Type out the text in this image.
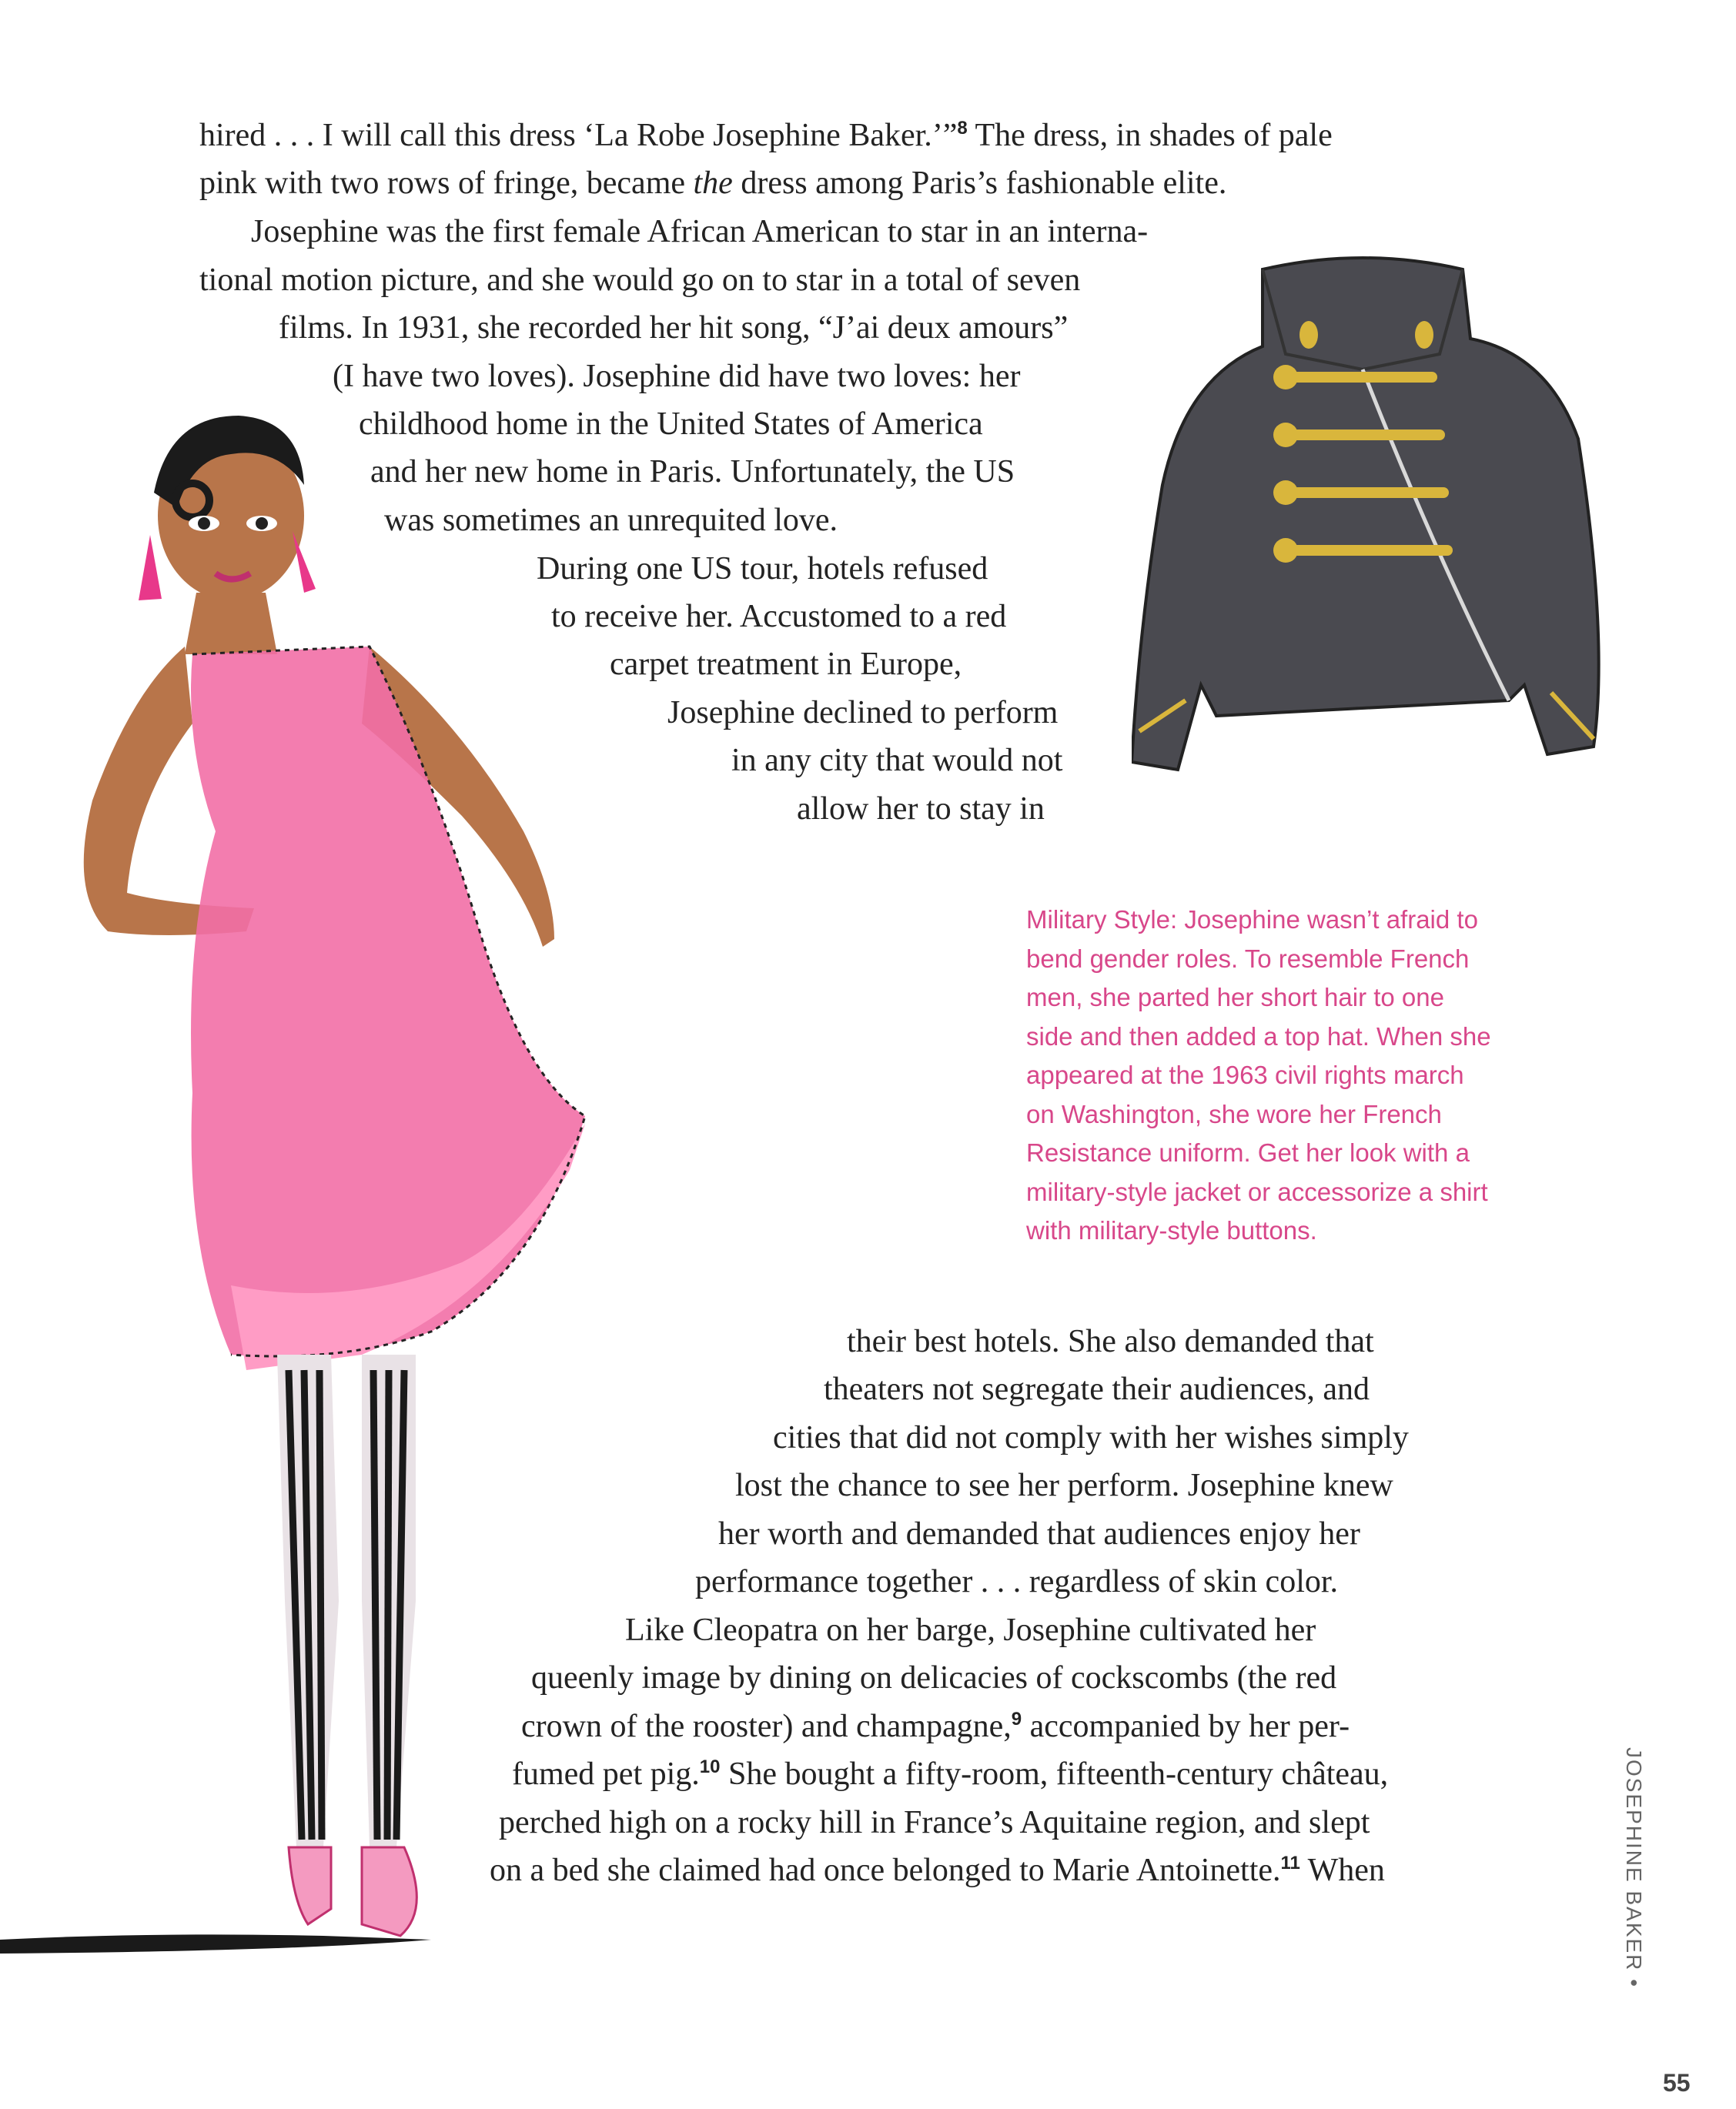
hired . . . I will call this dress ‘La Robe Josephine Baker.’”$^8$ The dress, in shades of pale
pink with two rows of fringe, became the dress among Paris’s fashionable elite.
Josephine was the first female African American to star in an interna-
tional motion picture, and she would go on to star in a total of seven
films. In 1931, she recorded her hit song, “J’ai deux amours”
(I have two loves). Josephine did have two loves: her
childhood home in the United States of America
and her new home in Paris. Unfortunately, the US
was sometimes an unrequited love.
During one US tour, hotels refused
to receive her. Accustomed to a red
carpet treatment in Europe,
Josephine declined to perform
in any city that would not
allow her to stay in
their best hotels. She also demanded that
theaters not segregate their audiences, and
cities that did not comply with her wishes simply
lost the chance to see her perform. Josephine knew
her worth and demanded that audiences enjoy her
performance together . . . regardless of skin color.
Like Cleopatra on her barge, Josephine cultivated her
queenly image by dining on delicacies of cockscombs (the red
crown of the rooster) and champagne,$^9$ accompanied by her per-
fumed pet pig.$^{10}$ She bought a fifty-room, fifteenth-century château,
perched high on a rocky hill in France’s Aquitaine region, and slept
on a bed she claimed had once belonged to Marie Antoinette.$^{11}$ When
Military Style: Josephine wasn’t afraid to
bend gender roles. To resemble French
men, she parted her short hair to one
side and then added a top hat. When she
appeared at the 1963 civil rights march
on Washington, she wore her French
Resistance uniform. Get her look with a
military-style jacket or accessorize a shirt
with military-style buttons.
JOSEPHINE BAKER •
55
